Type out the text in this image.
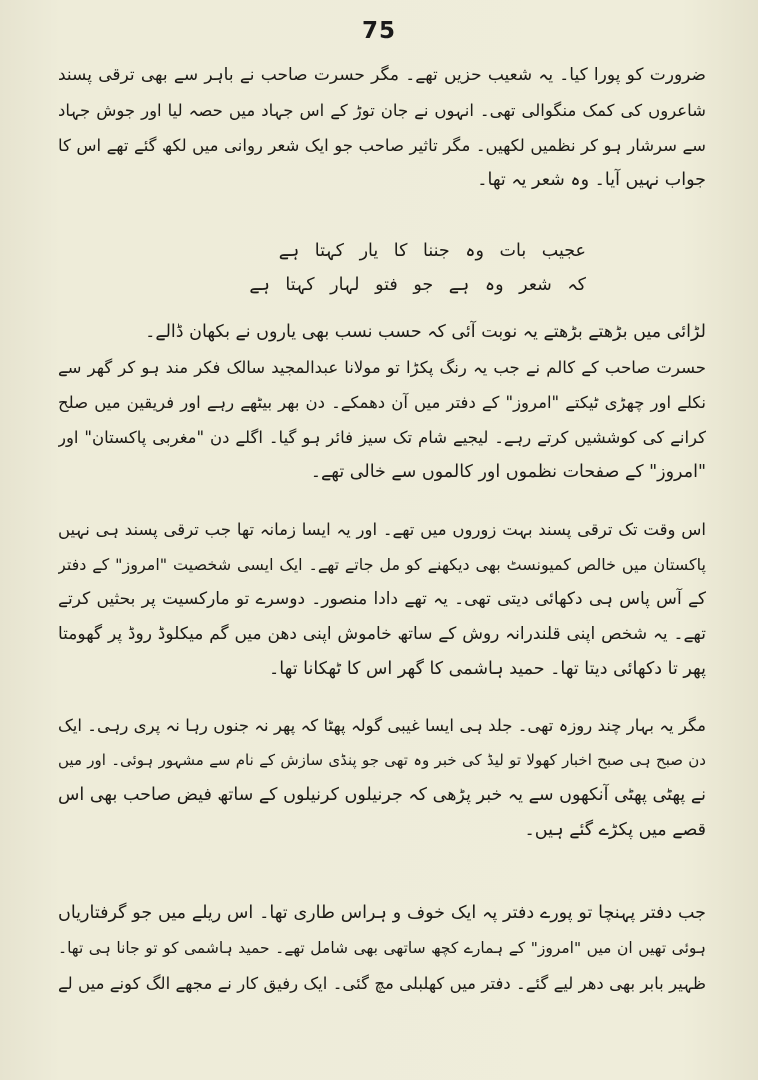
75
ضرورت کو پورا کیا۔ یہ شعیب حزیں تھے۔ مگر حسرت صاحب نے باہر سے بھی ترقی پسند
شاعروں کی کمک منگوالی تھی۔ انہوں نے جان توڑ کے اس جہاد میں حصہ لیا اور جوش جہاد
سے سرشار ہو کر نظمیں لکھیں۔ مگر تاثیر صاحب جو ایک شعر روانی میں لکھ گئے تھے اس کا
جواب نہیں آیا۔ وہ شعر یہ تھا۔
عجیب بات وہ جننا کا یار کہتا ہے
کہ شعر وہ ہے جو فتو لہار کہتا ہے
لڑائی میں بڑھتے بڑھتے یہ نوبت آئی کہ حسب نسب بھی یاروں نے بکھان ڈالے۔
حسرت صاحب کے کالم نے جب یہ رنگ پکڑا تو مولانا عبدالمجید سالک فکر مند ہو کر گھر سے
نکلے اور چھڑی ٹیکتے "امروز" کے دفتر میں آن دھمکے۔ دن بھر بیٹھے رہے اور فریقین میں صلح
کرانے کی کوششیں کرتے رہے۔ لیجیے شام تک سیز فائر ہو گیا۔ اگلے دن "مغربی پاکستان" اور
"امروز" کے صفحات نظموں اور کالموں سے خالی تھے۔
اس وقت تک ترقی پسند بہت زوروں میں تھے۔ اور یہ ایسا زمانہ تھا جب ترقی پسند ہی نہیں
پاکستان میں خالص کمیونسٹ بھی دیکھنے کو مل جاتے تھے۔ ایک ایسی شخصیت "امروز" کے دفتر
کے آس پاس ہی دکھائی دیتی تھی۔ یہ تھے دادا منصور۔ دوسرے تو مارکسیت پر بحثیں کرتے
تھے۔ یہ شخص اپنی قلندرانہ روش کے ساتھ خاموش اپنی دھن میں گم میکلوڈ روڈ پر گھومتا
پھر تا دکھائی دیتا تھا۔ حمید ہاشمی کا گھر اس کا ٹھکانا تھا۔
مگر یہ بہار چند روزہ تھی۔ جلد ہی ایسا غیبی گولہ پھٹا کہ پھر نہ جنوں رہا نہ پری رہی۔ ایک
دن صبح ہی صبح اخبار کھولا تو لیڈ کی خبر وہ تھی جو پنڈی سازش کے نام سے مشہور ہوئی۔ اور میں
نے پھٹی پھٹی آنکھوں سے یہ خبر پڑھی کہ جرنیلوں کرنیلوں کے ساتھ فیض صاحب بھی اس
قصے میں پکڑے گئے ہیں۔
جب دفتر پہنچا تو پورے دفتر پہ ایک خوف و ہراس طاری تھا۔ اس ریلے میں جو گرفتاریاں
ہوئی تھیں ان میں "امروز" کے ہمارے کچھ ساتھی بھی شامل تھے۔ حمید ہاشمی کو تو جانا ہی تھا۔
ظہیر بابر بھی دھر لیے گئے۔ دفتر میں کھلبلی مچ گئی۔ ایک رفیق کار نے مجھے الگ کونے میں لے
